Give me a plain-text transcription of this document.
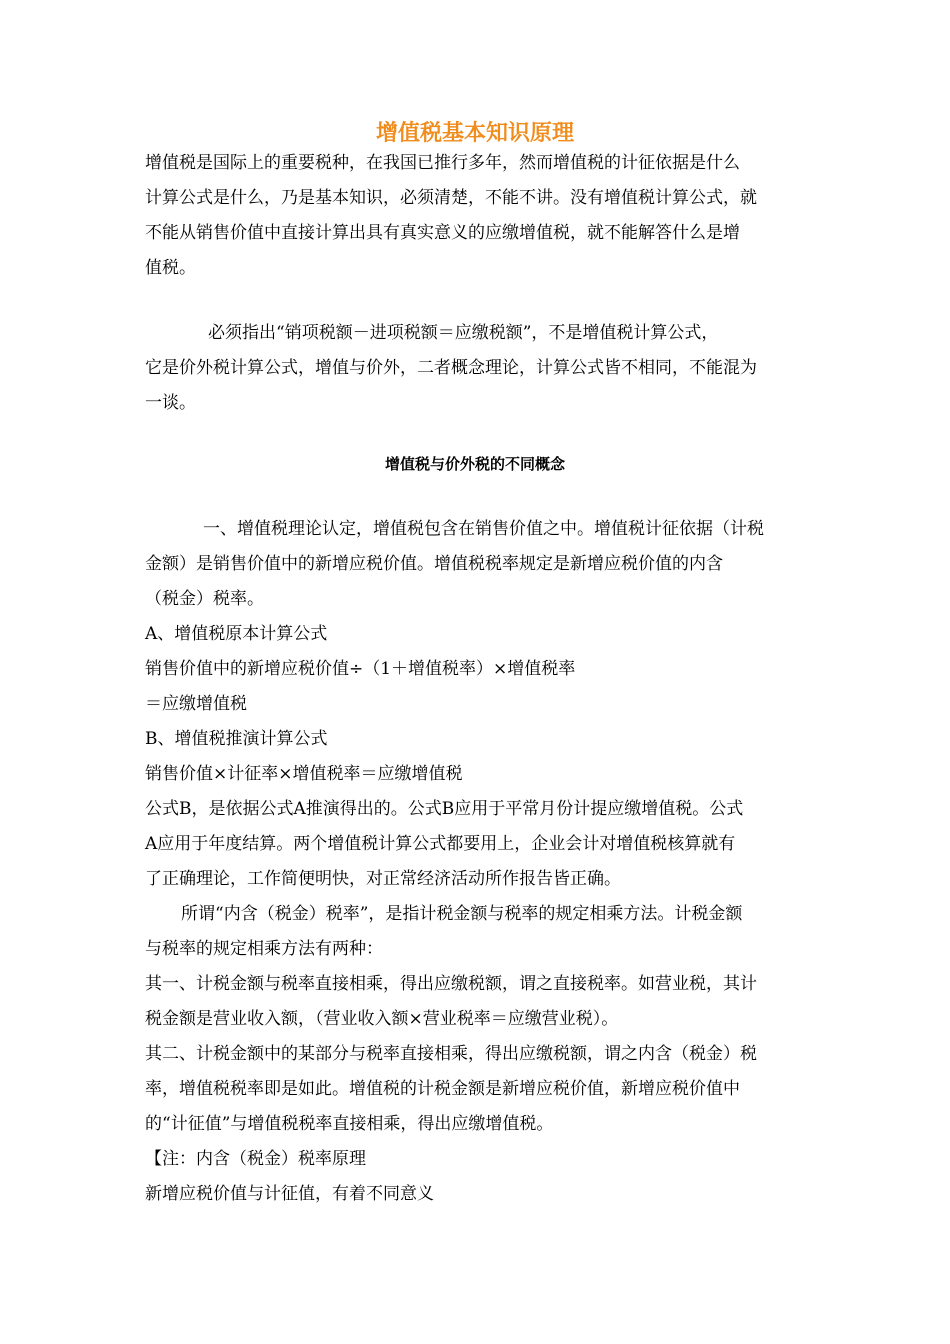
增值税基本知识原理
增值税是国际上的重要税种，在我国已推行多年，然而增值税的计征依据是什么
计算公式是什么，乃是基本知识，必须清楚，不能不讲。没有增值税计算公式，就
不能从销售价值中直接计算出具有真实意义的应缴增值税，就不能解答什么是增
值税。
必须指出“销项税额－进项税额＝应缴税额”，不是增值税计算公式，
它是价外税计算公式，增值与价外，二者概念理论，计算公式皆不相同，不能混为
一谈。
增值税与价外税的不同概念
一、增值税理论认定，增值税包含在销售价值之中。增值税计征依据（计税
金额）是销售价值中的新增应税价值。增值税税率规定是新增应税价值的内含
（税金）税率。
A、增值税原本计算公式
销售价值中的新增应税价值÷（1＋增值税率）×增值税率
＝应缴增值税
B、增值税推演计算公式
销售价值×计征率×增值税率＝应缴增值税
公式B，是依据公式A推演得出的。公式B应用于平常月份计提应缴增值税。公式
A应用于年度结算。两个增值税计算公式都要用上，企业会计对增值税核算就有
了正确理论，工作简便明快，对正常经济活动所作报告皆正确。
所谓“内含（税金）税率”，是指计税金额与税率的规定相乘方法。计税金额
与税率的规定相乘方法有两种：
其一、计税金额与税率直接相乘，得出应缴税额，谓之直接税率。如营业税，其计
税金额是营业收入额，（营业收入额×营业税率＝应缴营业税）。
其二、计税金额中的某部分与税率直接相乘，得出应缴税额，谓之内含（税金）税
率，增值税税率即是如此。增值税的计税金额是新增应税价值，新增应税价值中
的“计征值”与增值税税率直接相乘，得出应缴增值税。
【注：内含（税金）税率原理
新增应税价值与计征值，有着不同意义
